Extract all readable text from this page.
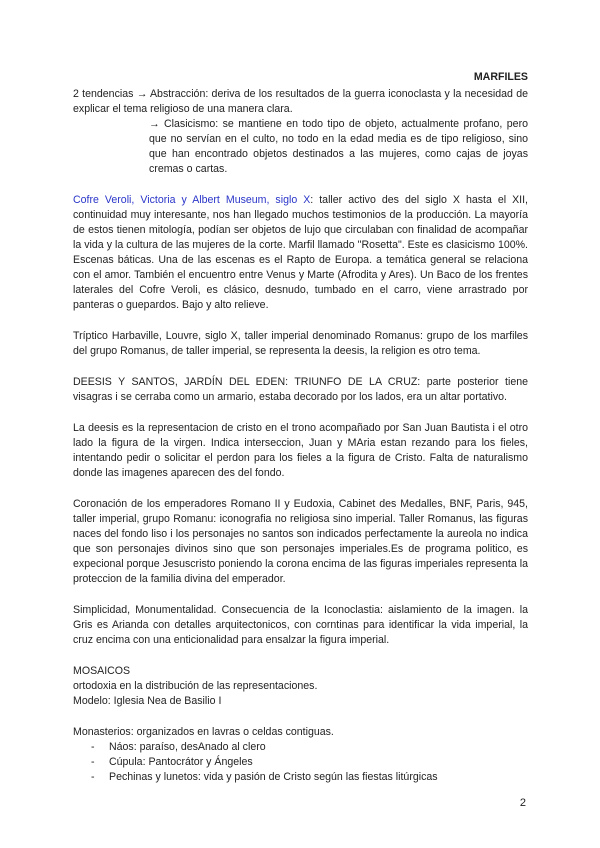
MARFILES

2 tendencias → Abstracción: deriva de los resultados de la guerra iconoclasta y la necesidad de explicar el tema religioso de una manera clara.

→ Clasicismo: se mantiene en todo tipo de objeto, actualmente profano, pero que no servían en el culto, no todo en la edad media es de tipo religioso, sino que han encontrado objetos destinados a las mujeres, como cajas de joyas cremas o cartas.

Cofre Veroli, Victoria y Albert Museum, siglo X: taller activo des del siglo X hasta el XII, continuidad muy interesante, nos han llegado muchos testimonios de la producción. La mayoría de estos tienen mitología, podían ser objetos de lujo que circulaban con finalidad de acompañar la vida y la cultura de las mujeres de la corte. Marfil llamado "Rosetta". Este es clasicismo 100%. Escenas báticas. Una de las escenas es el Rapto de Europa. a temática general se relaciona con el amor. También el encuentro entre Venus y Marte (Afrodita y Ares). Un Baco de los frentes laterales del Cofre Veroli, es clásico, desnudo, tumbado en el carro, viene arrastrado por panteras o guepardos. Bajo y alto relieve.

Tríptico Harbaville, Louvre, siglo X, taller imperial denominado Romanus: grupo de los marfiles del grupo Romanus, de taller imperial, se representa la deesis, la religion es otro tema.

DEESIS Y SANTOS, JARDÍN DEL EDEN: TRIUNFO DE LA CRUZ: parte posterior tiene visagras i se cerraba como un armario, estaba decorado por los lados, era un altar portativo.

La deesis es la representacion de cristo en el trono acompañado por San Juan Bautista i el otro lado la figura de la virgen. Indica interseccion, Juan y MAria estan rezando para los fieles, intentando pedir o solicitar el perdon para los fieles a la figura de Cristo. Falta de naturalismo donde las imagenes aparecen des del fondo.

Coronación de los emperadores Romano II y Eudoxia, Cabinet des Medalles, BNF, Paris, 945, taller imperial, grupo Romanu: iconografia no religiosa sino imperial. Taller Romanus, las figuras naces del fondo liso i los personajes no santos son indicados perfectamente la aureola no indica que son personajes divinos sino que son personajes imperiales.Es de programa politico, es expecional porque Jesuscristo poniendo la corona encima de las figuras imperiales representa la proteccion de la familia divina del emperador.

Simplicidad, Monumentalidad. Consecuencia de la Iconoclastia: aislamiento de la imagen. la Gris es Arianda con detalles arquitectonicos, con corntinas para identificar la vida imperial, la cruz encima con una enticionalidad para ensalzar la figura imperial.

MOSAICOS
ortodoxia en la distribución de las representaciones.
Modelo: Iglesia Nea de Basilio I
Monasterios: organizados en lavras o celdas contiguas.
- Náos: paraíso, desAnado al clero
- Cúpula: Pantocrátor y Ángeles
- Pechinas y lunetos: vida y pasión de Cristo según las fiestas litúrgicas
2
